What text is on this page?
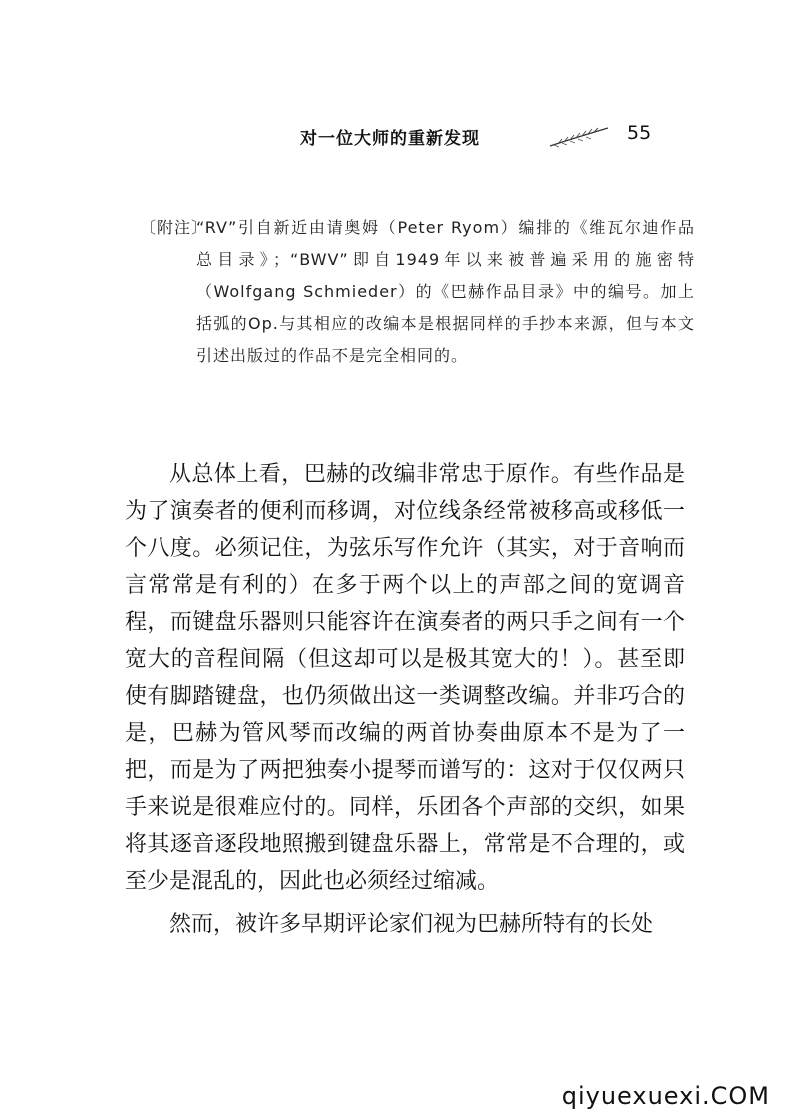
对一位大师的重新发现	55
〔附注〕
“RV”引自新近由请奥姆（Peter Ryom）编排的《维瓦尔迪作品总目录》；“BWV”即自1949年以来被普遍采用的施密特（Wolfgang Schmieder）的《巴赫作品目录》中的编号。加上括弧的Op.与其相应的改编本是根据同样的手抄本来源，但与本文引述出版过的作品不是完全相同的。

从总体上看，巴赫的改编非常忠于原作。有些作品是为了演奏者的便利而移调，对位线条经常被移高或移低一个八度。必须记住，为弦乐写作允许（其实，对于音响而言常常是有利的）在多于两个以上的声部之间的宽调音程，而键盘乐器则只能容许在演奏者的两只手之间有一个宽大的音程间隔（但这却可以是极其宽大的！）。甚至即使有脚踏键盘，也仍须做出这一类调整改编。并非巧合的是，巴赫为管风琴而改编的两首协奏曲原本不是为了一把，而是为了两把独奏小提琴而谱写的：这对于仅仅两只手来说是很难应付的。同样，乐团各个声部的交织，如果将其逐音逐段地照搬到键盘乐器上，常常是不合理的，或至少是混乱的，因此也必须经过缩减。

然而，被许多早期评论家们视为巴赫所特有的长处

qiyuexuexi.COM
